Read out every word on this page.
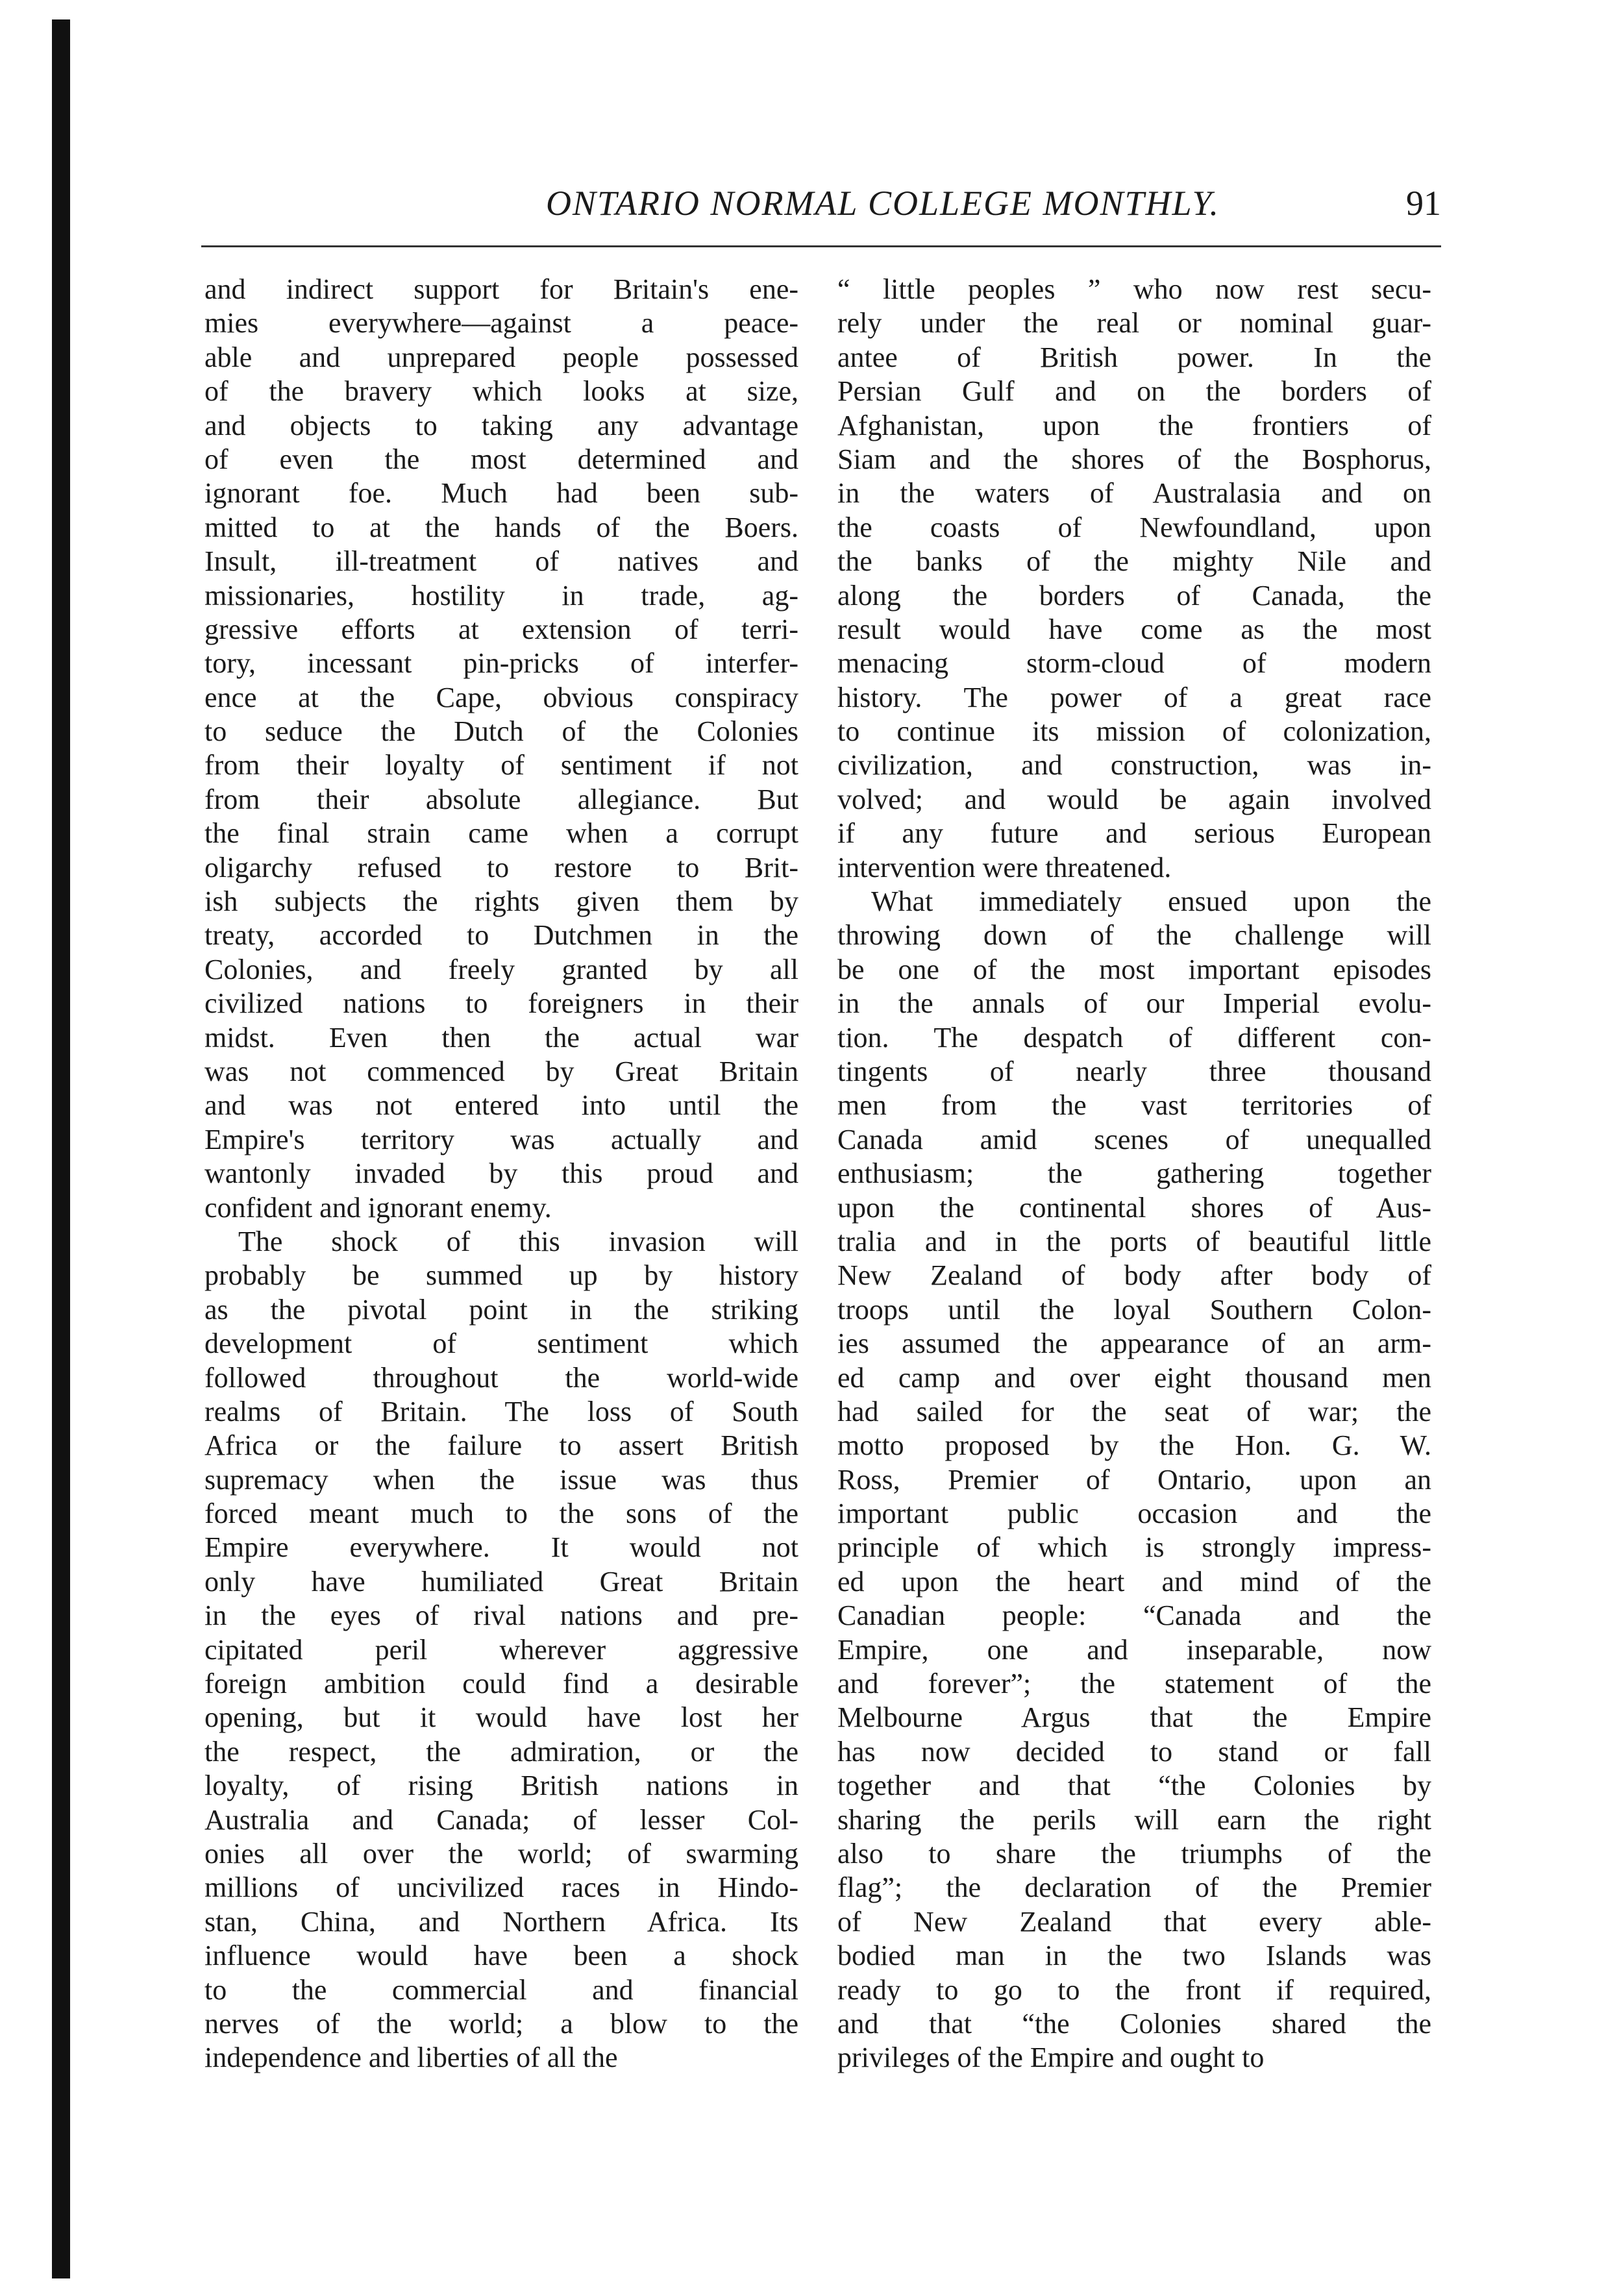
ONTARIO NORMAL COLLEGE MONTHLY.	91
and indirect support for Britain's ene-
mies everywhere—against a peace-
able and unprepared people possessed
of the bravery which looks at size,
and objects to taking any advantage
of even the most determined and
ignorant foe. Much had been sub-
mitted to at the hands of the Boers.
Insult, ill-treatment of natives and
missionaries, hostility in trade, ag-
gressive efforts at extension of terri-
tory, incessant pin-pricks of interfer-
ence at the Cape, obvious conspiracy
to seduce the Dutch of the Colonies
from their loyalty of sentiment if not
from their absolute allegiance. But
the final strain came when a corrupt
oligarchy refused to restore to Brit-
ish subjects the rights given them by
treaty, accorded to Dutchmen in the
Colonies, and freely granted by all
civilized nations to foreigners in their
midst. Even then the actual war
was not commenced by Great Britain
and was not entered into until the
Empire's territory was actually and
wantonly invaded by this proud and
confident and ignorant enemy.
The shock of this invasion will
probably be summed up by history
as the pivotal point in the striking
development of sentiment which
followed throughout the world-wide
realms of Britain. The loss of South
Africa or the failure to assert British
supremacy when the issue was thus
forced meant much to the sons of the
Empire everywhere. It would not
only have humiliated Great Britain
in the eyes of rival nations and pre-
cipitated peril wherever aggressive
foreign ambition could find a desirable
opening, but it would have lost her
the respect, the admiration, or the
loyalty, of rising British nations in
Australia and Canada; of lesser Col-
onies all over the world; of swarming
millions of uncivilized races in Hindo-
stan, China, and Northern Africa. Its
influence would have been a shock
to the commercial and financial
nerves of the world; a blow to the
independence and liberties of all the
“ little peoples ” who now rest secu-
rely under the real or nominal guar-
antee of British power. In the
Persian Gulf and on the borders of
Afghanistan, upon the frontiers of
Siam and the shores of the Bosphorus,
in the waters of Australasia and on
the coasts of Newfoundland, upon
the banks of the mighty Nile and
along the borders of Canada, the
result would have come as the most
menacing storm-cloud of modern
history. The power of a great race
to continue its mission of colonization,
civilization, and construction, was in-
volved; and would be again involved
if any future and serious European
intervention were threatened.
What immediately ensued upon the
throwing down of the challenge will
be one of the most important episodes
in the annals of our Imperial evolu-
tion. The despatch of different con-
tingents of nearly three thousand
men from the vast territories of
Canada amid scenes of unequalled
enthusiasm; the gathering together
upon the continental shores of Aus-
tralia and in the ports of beautiful little
New Zealand of body after body of
troops until the loyal Southern Colon-
ies assumed the appearance of an arm-
ed camp and over eight thousand men
had sailed for the seat of war; the
motto proposed by the Hon. G. W.
Ross, Premier of Ontario, upon an
important public occasion and the
principle of which is strongly impress-
ed upon the heart and mind of the
Canadian people: “Canada and the
Empire, one and inseparable, now
and forever”; the statement of the
Melbourne Argus that the Empire
has now decided to stand or fall
together and that “the Colonies by
sharing the perils will earn the right
also to share the triumphs of the
flag”; the declaration of the Premier
of New Zealand that every able-
bodied man in the two Islands was
ready to go to the front if required,
and that “the Colonies shared the
privileges of the Empire and ought to
